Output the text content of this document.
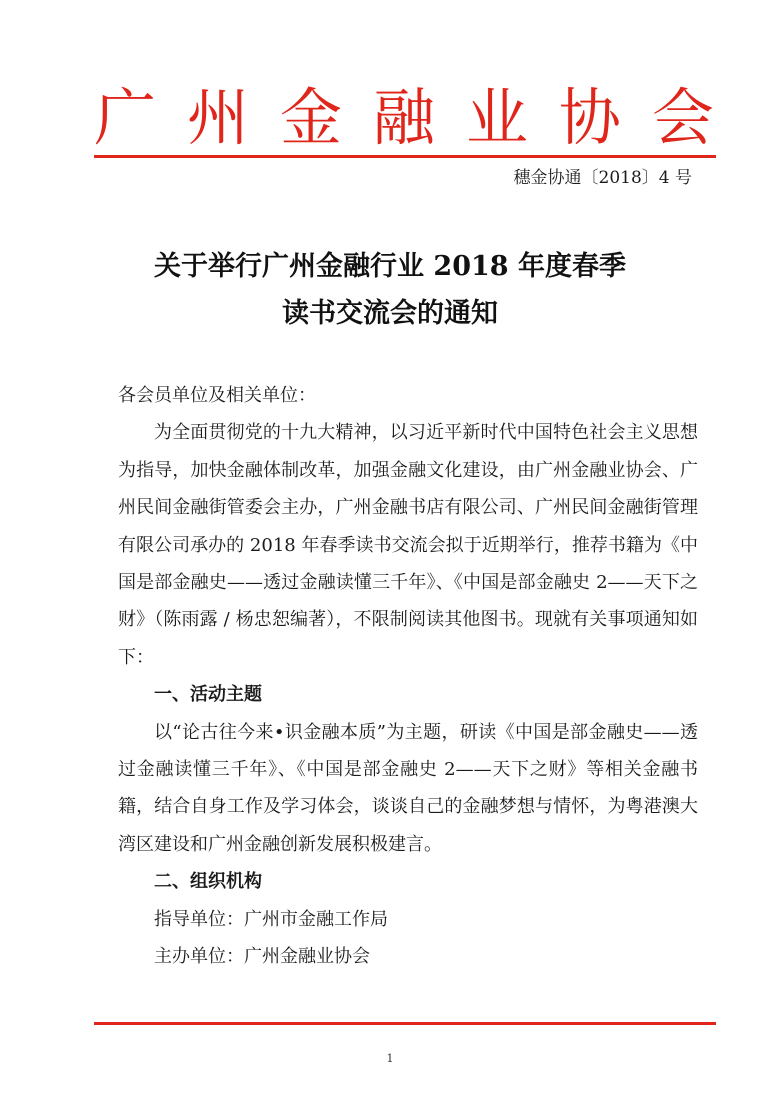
广 州 金 融 业 协 会
穗金协通〔2018〕4 号
关于举行广州金融行业 2018 年度春季
读书交流会的通知

各会员单位及相关单位：

为全面贯彻党的十九大精神，以习近平新时代中国特色社会主义思想为指导，加快金融体制改革，加强金融文化建设，由广州金融业协会、广州民间金融街管委会主办，广州金融书店有限公司、广州民间金融街管理有限公司承办的 2018 年春季读书交流会拟于近期举行，推荐书籍为《中国是部金融史——透过金融读懂三千年》、《中国是部金融史 2——天下之财》（陈雨露 / 杨忠恕编著），不限制阅读其他图书。现就有关事项通知如下：

一、活动主题

以“论古往今来•识金融本质”为主题，研读《中国是部金融史——透过金融读懂三千年》、《中国是部金融史 2——天下之财》等相关金融书籍，结合自身工作及学习体会，谈谈自己的金融梦想与情怀，为粤港澳大湾区建设和广州金融创新发展积极建言。

二、组织机构

指导单位：广州市金融工作局

主办单位：广州金融业协会

1
